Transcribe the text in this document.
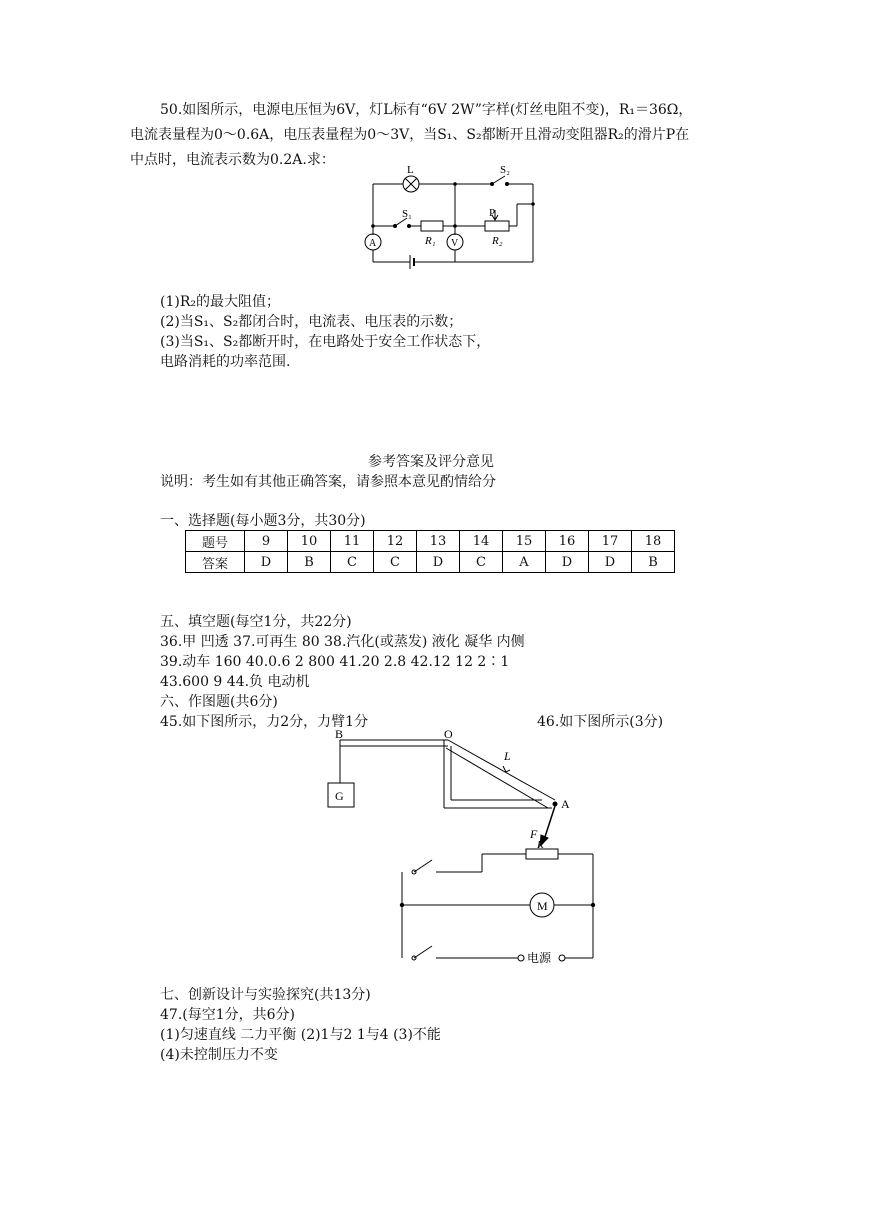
50.如图所示，电源电压恒为6V，灯L标有“6V 2W”字样(灯丝电阻不变)，R₁＝36Ω，
电流表量程为0～0.6A，电压表量程为0～3V，当S₁、S₂都断开且滑动变阻器R₂的滑片P在
中点时，电流表示数为0.2A.求：
L	S₂
S₁	P
R₁	R₂
A	V
(1)R₂的最大阻值；
(2)当S₁、S₂都闭合时，电流表、电压表的示数；
(3)当S₁、S₂都断开时，在电路处于安全工作状态下，
电路消耗的功率范围.
参考答案及评分意见
说明：考生如有其他正确答案，请参照本意见酌情给分
一、选择题(每小题3分，共30分)
题号	9	10	11	12	13	14	15	16	17	18
答案	D	B	C	C	D	C	A	D	D	B
五、填空题(每空1分，共22分)
36.甲 凹透 37.可再生 80 38.汽化(或蒸发) 液化 凝华 内侧
39.动车 160 40.0.6 2 800 41.20 2.8 42.12 12 2∶1
43.600 9 44.负 电动机
六、作图题(共6分)
45.如下图所示，力2分，力臂1分	46.如下图所示(3分)
B	O
L
A
G
F
R
M
电源
七、创新设计与实验探究(共13分)
47.(每空1分，共6分)
(1)匀速直线 二力平衡 (2)1与2 1与4 (3)不能
(4)未控制压力不变
